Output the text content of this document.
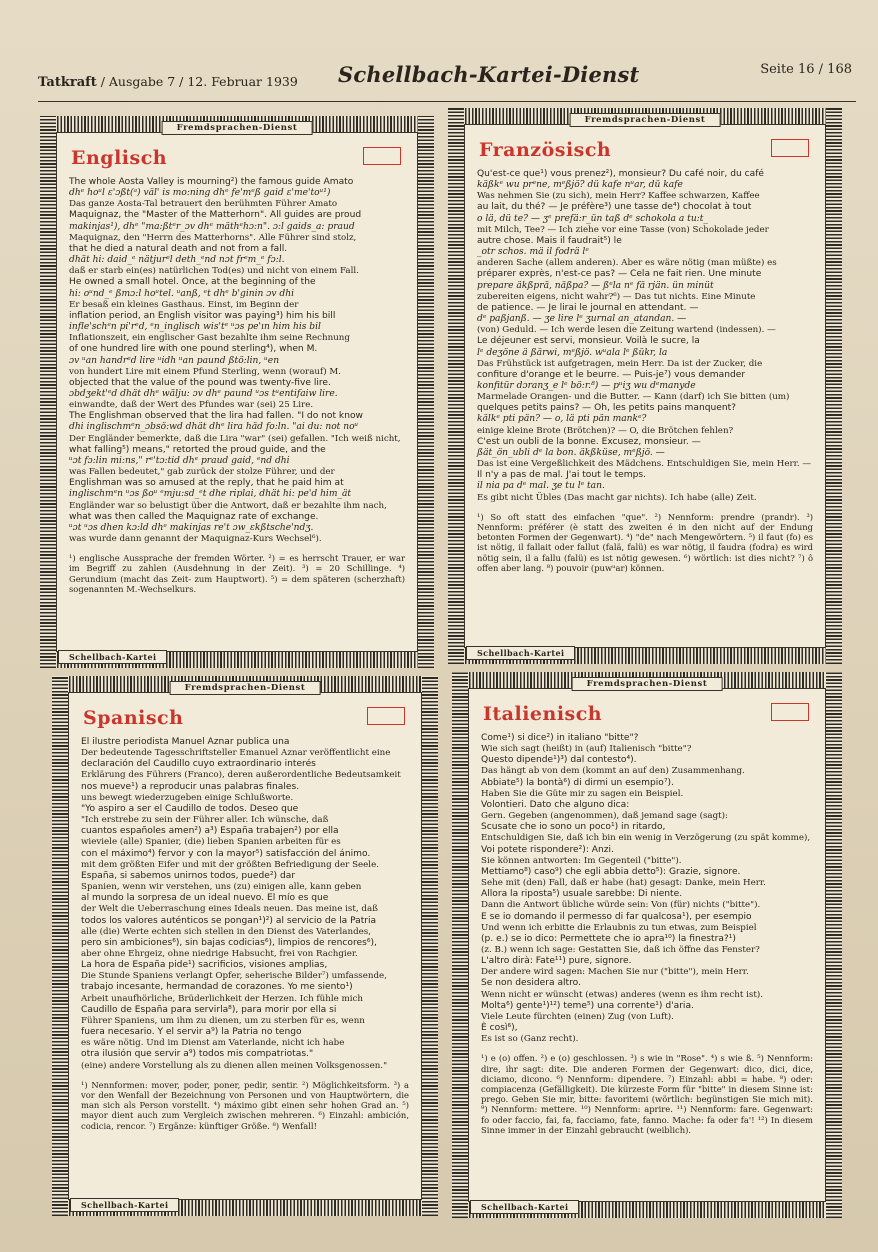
Tatkraft / Ausgabe 7 / 12. Februar 1939 Schellbach-Kartei-Dienst	Seite 16 / 168
Fremdsprachen-Dienst
Englisch

The whole Aosta Valley is mourning²) the famous guide Amato

dhᵉ hoᵘl ɛ'ɔßt(ᵃ) väl' is mo:ning dhᵉ fe'mᵉß gaid ɛ'me'toᵘ¹)

Das ganze Aosta-Tal betrauert den berühmten Führer Amato

Maquignaz, the "Master of the Matterhorn". All guides are proud

makinjas¹), dhᵉ "ma:ßtᵉr_ɔv dhᵉ mäthᵉhɔ:n". ɔ:l gaids_a: praud

Maquignaz, den "Herrn des Matterhorns". Alle Führer sind stolz,

that he died a natural death and not from a fall.

dhät hi: daid_ᵉ nätjurᵉl deth_ᵉnd nɔt frᵉm_ᵉ fɔ:l.

daß er starb ein(es) natürlichen Tod(es) und nicht von einem Fall.

He owned a small hotel. Once, at the beginning of the

hi: oᵘnd_ᵉ ßmɔ:l hoᵘtel. ᵘanß, ᵉt dhᵉ b'ginin ɔv dhi

Er besaß ein kleines Gasthaus. Einst, im Beginn der

inflation period, an English visitor was paying³) him his bill

infle'schᵉn pi'rᵉd, ᵉn_inglisch wis'tᵉ ᵘɔs pe'ın him his bil

Inflationszeit, ein englischer Gast bezahlte ihm seine Rechnung

of one hundred lire with one pound sterling⁴), when M.

ɔv ᵘan handrᵉd lire ᵘidh ᵘan paund ßtö:lin, ᵘen

von hundert Lire mit einem Pfund Sterling, wenn (worauf) M.

objected that the value of the pound was twenty-five lire.

ɔbdʒekt'ᵉd dhät dhᵉ wälju: ɔv dhᵉ paund ᵘɔs tᵘentifaiw lire.

einwandte, daß der Wert des Pfundes war (sei) 25 Lire.

The Englishman observed that the lira had fallen. "I do not know

dhi inglischmᵉn_ɔbsö:wd dhät dhᵉ lira häd fo:ln. "ai du: not noᵘ

Der Engländer bemerkte, daß die Lira "war" (sei) gefallen. "Ich weiß nicht,

what falling⁵) means," retorted the proud guide, and the

ᵘɔt fɔ:lin mi:ns," rᵉ'tɔ:tid dhᵉ praud gaid, ᵉnd dhi

was Fallen bedeutet," gab zurück der stolze Führer, und der

Englishman was so amused at the reply, that he paid him at

inglischmᵉn ᵘɔs ßoᵘ ᵉmju:sd_ᵉt dhe riplai, dhät hi: pe'd him_ät

Engländer war so belustigt über die Antwort, daß er bezahlte ihm nach,

what was then called the Maquignaz rate of exchange.

ᵘɔt ᵘɔs dhen kɔ:ld dhᵉ makinjas re't ɔw_ɛkßtsche'ndʒ.

was wurde dann genannt der Maquignaz-Kurs Wechsel⁶).

¹) englische Aussprache der fremden Wörter. ²) = es herrscht Trauer, er war im Begriff zu zahlen (Ausdehnung in der Zeit). ³) = 20 Schillinge. ⁴) Gerundium (macht das Zeit- zum Hauptwort). ⁵) = dem späteren (scherzhaft) sogenannten M.-Wechselkurs.

Schellbach-Kartei
Fremdsprachen-Dienst
Französisch

Qu'est-ce que¹) vous prenez²), monsieur? Du café noir, du café

käßkᵉ wu prᵉne, mᵉßjö? dü kafe nᵘar, dü kafe

Was nehmen Sie (zu sich), mein Herr? Kaffee schwarzen, Kaffee

au lait, du thé? — Je préfère³) une tasse de⁴) chocolat à tout

o lä, dü te? — ʒᵉ prefä:r_ün taß dᵉ schokola a tu:t_

mit Milch, Tee? — Ich ziehe vor eine Tasse (von) Schokolade jeder

autre chose. Mais il faudrait⁵) le

_otr schos. mä il fodrä lᵉ

anderen Sache (allem anderen). Aber es wäre nötig (man müßte) es

préparer exprès, n'est-ce pas? — Cela ne fait rien. Une minute

prepare äkßprä, näßpa? — ßᵉla nᵉ fä rjän. ün minüt

zubereiten eigens, nicht wahr?⁶) — Das tut nichts. Eine Minute

de patience. — Je lirai le journal en attendant. —

dᵉ paßjanß. — ʒe lire lᵉ ʒurnal an_atandan. —

(von) Geduld. — Ich werde lesen die Zeitung wartend (indessen). —

Le déjeuner est servi, monsieur. Voilà le sucre, la

lᵉ deʒöne ä ßärwi, mᵉßjö. wᵘala lᵉ ßükr, la

Das Frühstück ist aufgetragen, mein Herr. Da ist der Zucker, die

confiture d'orange et le beurre. — Puis-je⁷) vous demander

konfitür dɔranʒ_e lᵉ bö:r.⁸) — pᵘiʒ wu dᵉmanyde

Marmelade Orangen- und die Butter. — Kann (darf) ich Sie bitten (um)

quelques petits pains? — Oh, les petits pains manquent?

kälkᵉ pti pän? — o, lä pti pän mankᵉ?

einige kleine Brote (Brötchen)? — O, die Brötchen fehlen?

C'est un oubli de la bonne. Excusez, monsieur. —

ßät_ön_ubli dᵉ la bon. äkßküse, mᵉßjö. —

Das ist eine Vergeßlichkeit des Mädchens. Entschuldigen Sie, mein Herr. —

Il n'y a pas de mal. J'ai tout le temps.

il nia pa dᵉ mal. ʒe tu lᵉ tan.

Es gibt nicht Übles (Das macht gar nichts). Ich habe (alle) Zeit.

¹) So oft statt des einfachen "que". ²) Nennform: prendre (prandr). ³) Nennform: préférer (è statt des zweiten é in den nicht auf der Endung betonten Formen der Gegenwart). ⁴) "de" nach Mengewörtern. ⁵) il faut (fo) es ist nötig, il fallait oder fallut (falä, falü) es war nötig, il faudra (fodra) es wird nötig sein, il a fallu (falü) es ist nötig gewesen. ⁶) wörtlich: ist dies nicht? ⁷) ô offen aber lang. ⁸) pouvoir (puwᵘar) können.

Schellbach-Kartei
Fremdsprachen-Dienst
Spanisch

El ilustre periodista Manuel Aznar publica una

Der bedeutende Tagesschriftsteller Emanuel Aznar veröffentlicht eine

declaración del Caudillo cuyo extraordinario interés

Erklärung des Führers (Franco), deren außerordentliche Bedeutsamkeit

nos mueve¹) a reproducir unas palabras finales.

uns bewegt wiederzugeben einige Schlußworte.

"Yo aspiro a ser el Caudillo de todos. Deseo que

"Ich erstrebe zu sein der Führer aller. Ich wünsche, daß

cuantos españoles amen²) a³) España trabajen²) por ella

wieviele (alle) Spanier, (die) lieben Spanien arbeiten für es

con el máximo⁴) fervor y con la mayor⁵) satisfacción del ánimo.

mit dem größten Eifer und mit der größten Befriedigung der Seele.

España, si sabemos unirnos todos, puede²) dar

Spanien, wenn wir verstehen, uns (zu) einigen alle, kann geben

al mundo la sorpresa de un ideal nuevo. El mío es que

der Welt die Ueberraschung eines Ideals neuen. Das meine ist, daß

todos los valores auténticos se pongan¹)²) al servicio de la Patria

alle (die) Werte echten sich stellen in den Dienst des Vaterlandes,

pero sin ambiciones⁶), sin bajas codicias⁶), limpios de rencores⁶),

aber ohne Ehrgeiz, ohne niedrige Habsucht, frei von Rachgier.

La hora de España pide¹) sacrificios, visiones amplias,

Die Stunde Spaniens verlangt Opfer, seherische Bilder⁷) umfassende,

trabajo incesante, hermandad de corazones. Yo me siento¹)

Arbeit unaufhörliche, Brüderlichkeit der Herzen. Ich fühle mich

Caudillo de España para servirla⁸), para morir por ella si

Führer Spaniens, um ihm zu dienen, um zu sterben für es, wenn

fuera necesario. Y el servir a⁹) la Patria no tengo

es wäre nötig. Und im Dienst am Vaterlande, nicht ich habe

otra ilusión que servir a⁹) todos mis compatriotas."

(eine) andere Vorstellung als zu dienen allen meinen Volksgenossen."

¹) Nennformen: mover, poder, poner, pedir, sentir. ²) Möglichkeitsform. ³) a vor den Wenfall der Bezeichnung von Personen und von Hauptwörtern, die man sich als Person vorstellt. ⁴) máximo gibt einen sehr hohen Grad an. ⁵) mayor dient auch zum Vergleich zwischen mehreren. ⁶) Einzahl: ambición, codicia, rencor. ⁷) Ergänze: künftiger Größe. ⁸) Wenfall!

Schellbach-Kartei
Fremdsprachen-Dienst
Italienisch

Come¹) si dice²) in italiano "bitte"?

Wie sich sagt (heißt) in (auf) Italienisch "bitte"?

Questo dipende¹)³) dal contesto⁴).

Das hängt ab von dem (kommt an auf den) Zusammenhang.

Abbiate⁵) la bontà⁶) di dirmi un esempio⁷).

Haben Sie die Güte mir zu sagen ein Beispiel.

Volontieri. Dato che alguno dica:

Gern. Gegeben (angenommen), daß jemand sage (sagt):

Scusate che io sono un poco¹) in ritardo,

Entschuldigen Sie, daß ich bin ein wenig in Verzögerung (zu spät komme),

Voi potete rispondere²): Anzi.

Sie können antworten: Im Gegenteil ("bitte").

Mettiamo⁸) caso⁹) che egli abbia detto⁵): Grazie, signore.

Sehe mit (den) Fall, daß er habe (hat) gesagt: Danke, mein Herr.

Allora la riposta⁵) usuale sarebbe: Di niente.

Dann die Antwort übliche würde sein: Von (für) nichts ("bitte").

E se io domando il permesso di far qualcosa¹), per esempio

Und wenn ich erbitte die Erlaubnis zu tun etwas, zum Beispiel

(p. e.) se io dico: Permettete che io apra¹⁰) la finestra?¹)

(z. B.) wenn ich sage: Gestatten Sie, daß ich öffne das Fenster?

L'altro dirà: Fate¹¹) pure, signore.

Der andere wird sagen: Machen Sie nur ("bitte"), mein Herr.

Se non desidera altro.

Wenn nicht er wünscht (etwas) anderes (wenn es ihm recht ist).

Molta⁶) gente¹)¹²) teme⁵) una corrente¹) d'aria.

Viele Leute fürchten (einen) Zug (von Luft).

È così⁶),

Es ist so (Ganz recht).

¹) e (o) offen. ²) e (o) geschlossen. ³) s wie in "Rose". ⁴) s wie ß. ⁵) Nennform: dire, ihr sagt: dite. Die anderen Formen der Gegenwart: dico, dici, dice, diciamo, dicono. ⁶) Nennform: dipendere. ⁷) Einzahl: abbi = habe. ⁸) oder: compiacenza (Gefälligkeit). Die kürzeste Form für "bitte" in diesem Sinne ist: prego. Geben Sie mir, bitte: favoritemi (wörtlich: begünstigen Sie mich mit). ⁹) Nennform: mettere. ¹⁰) Nennform: aprire. ¹¹) Nennform: fare. Gegenwart: fo oder faccio, fai, fa, facciamo, fate, fanno. Mache: fa oder fa'! ¹²) In diesem Sinne immer in der Einzahl gebraucht (weiblich).

Schellbach-Kartei
